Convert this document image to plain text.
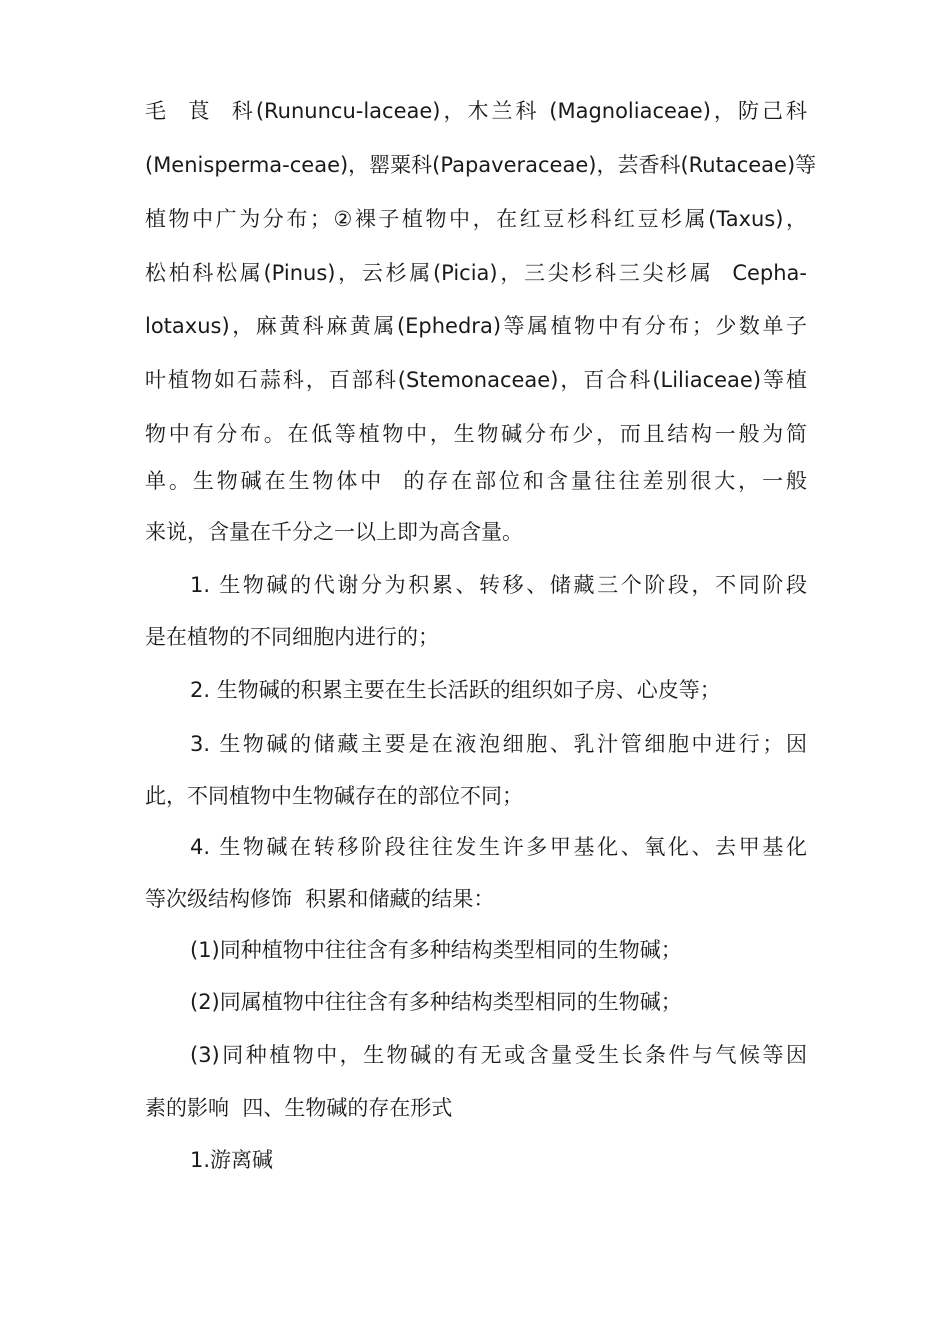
毛  茛  科(Rununcu-laceae)，木兰科 (Magnoliaceae)，防己科
(Menisperma-ceae)，罂粟科(Papaveraceae)，芸香科(Rutaceae)等
植物中广为分布；②裸子植物中，在红豆杉科红豆杉属(Taxus)，
松柏科松属(Pinus)，云杉属(Picia)，三尖杉科三尖杉属  Cepha-
lotaxus)，麻黄科麻黄属(Ephedra)等属植物中有分布；少数单子
叶植物如石蒜科，百部科(Stemonaceae)，百合科(Liliaceae)等植
物中有分布。在低等植物中，生物碱分布少，而且结构一般为简
单。生物碱在生物体中  的存在部位和含量往往差别很大，一般
来说，含量在千分之一以上即为高含量。
1. 生物碱的代谢分为积累、转移、储藏三个阶段，不同阶段
是在植物的不同细胞内进行的；
2. 生物碱的积累主要在生长活跃的组织如子房、心皮等；
3. 生物碱的储藏主要是在液泡细胞、乳汁管细胞中进行；因
此，不同植物中生物碱存在的部位不同；
4. 生物碱在转移阶段往往发生许多甲基化、氧化、去甲基化
等次级结构修饰  积累和储藏的结果：
(1)同种植物中往往含有多种结构类型相同的生物碱；
(2)同属植物中往往含有多种结构类型相同的生物碱；
(3)同种植物中，生物碱的有无或含量受生长条件与气候等因
素的影响  四、生物碱的存在形式
1.游离碱
